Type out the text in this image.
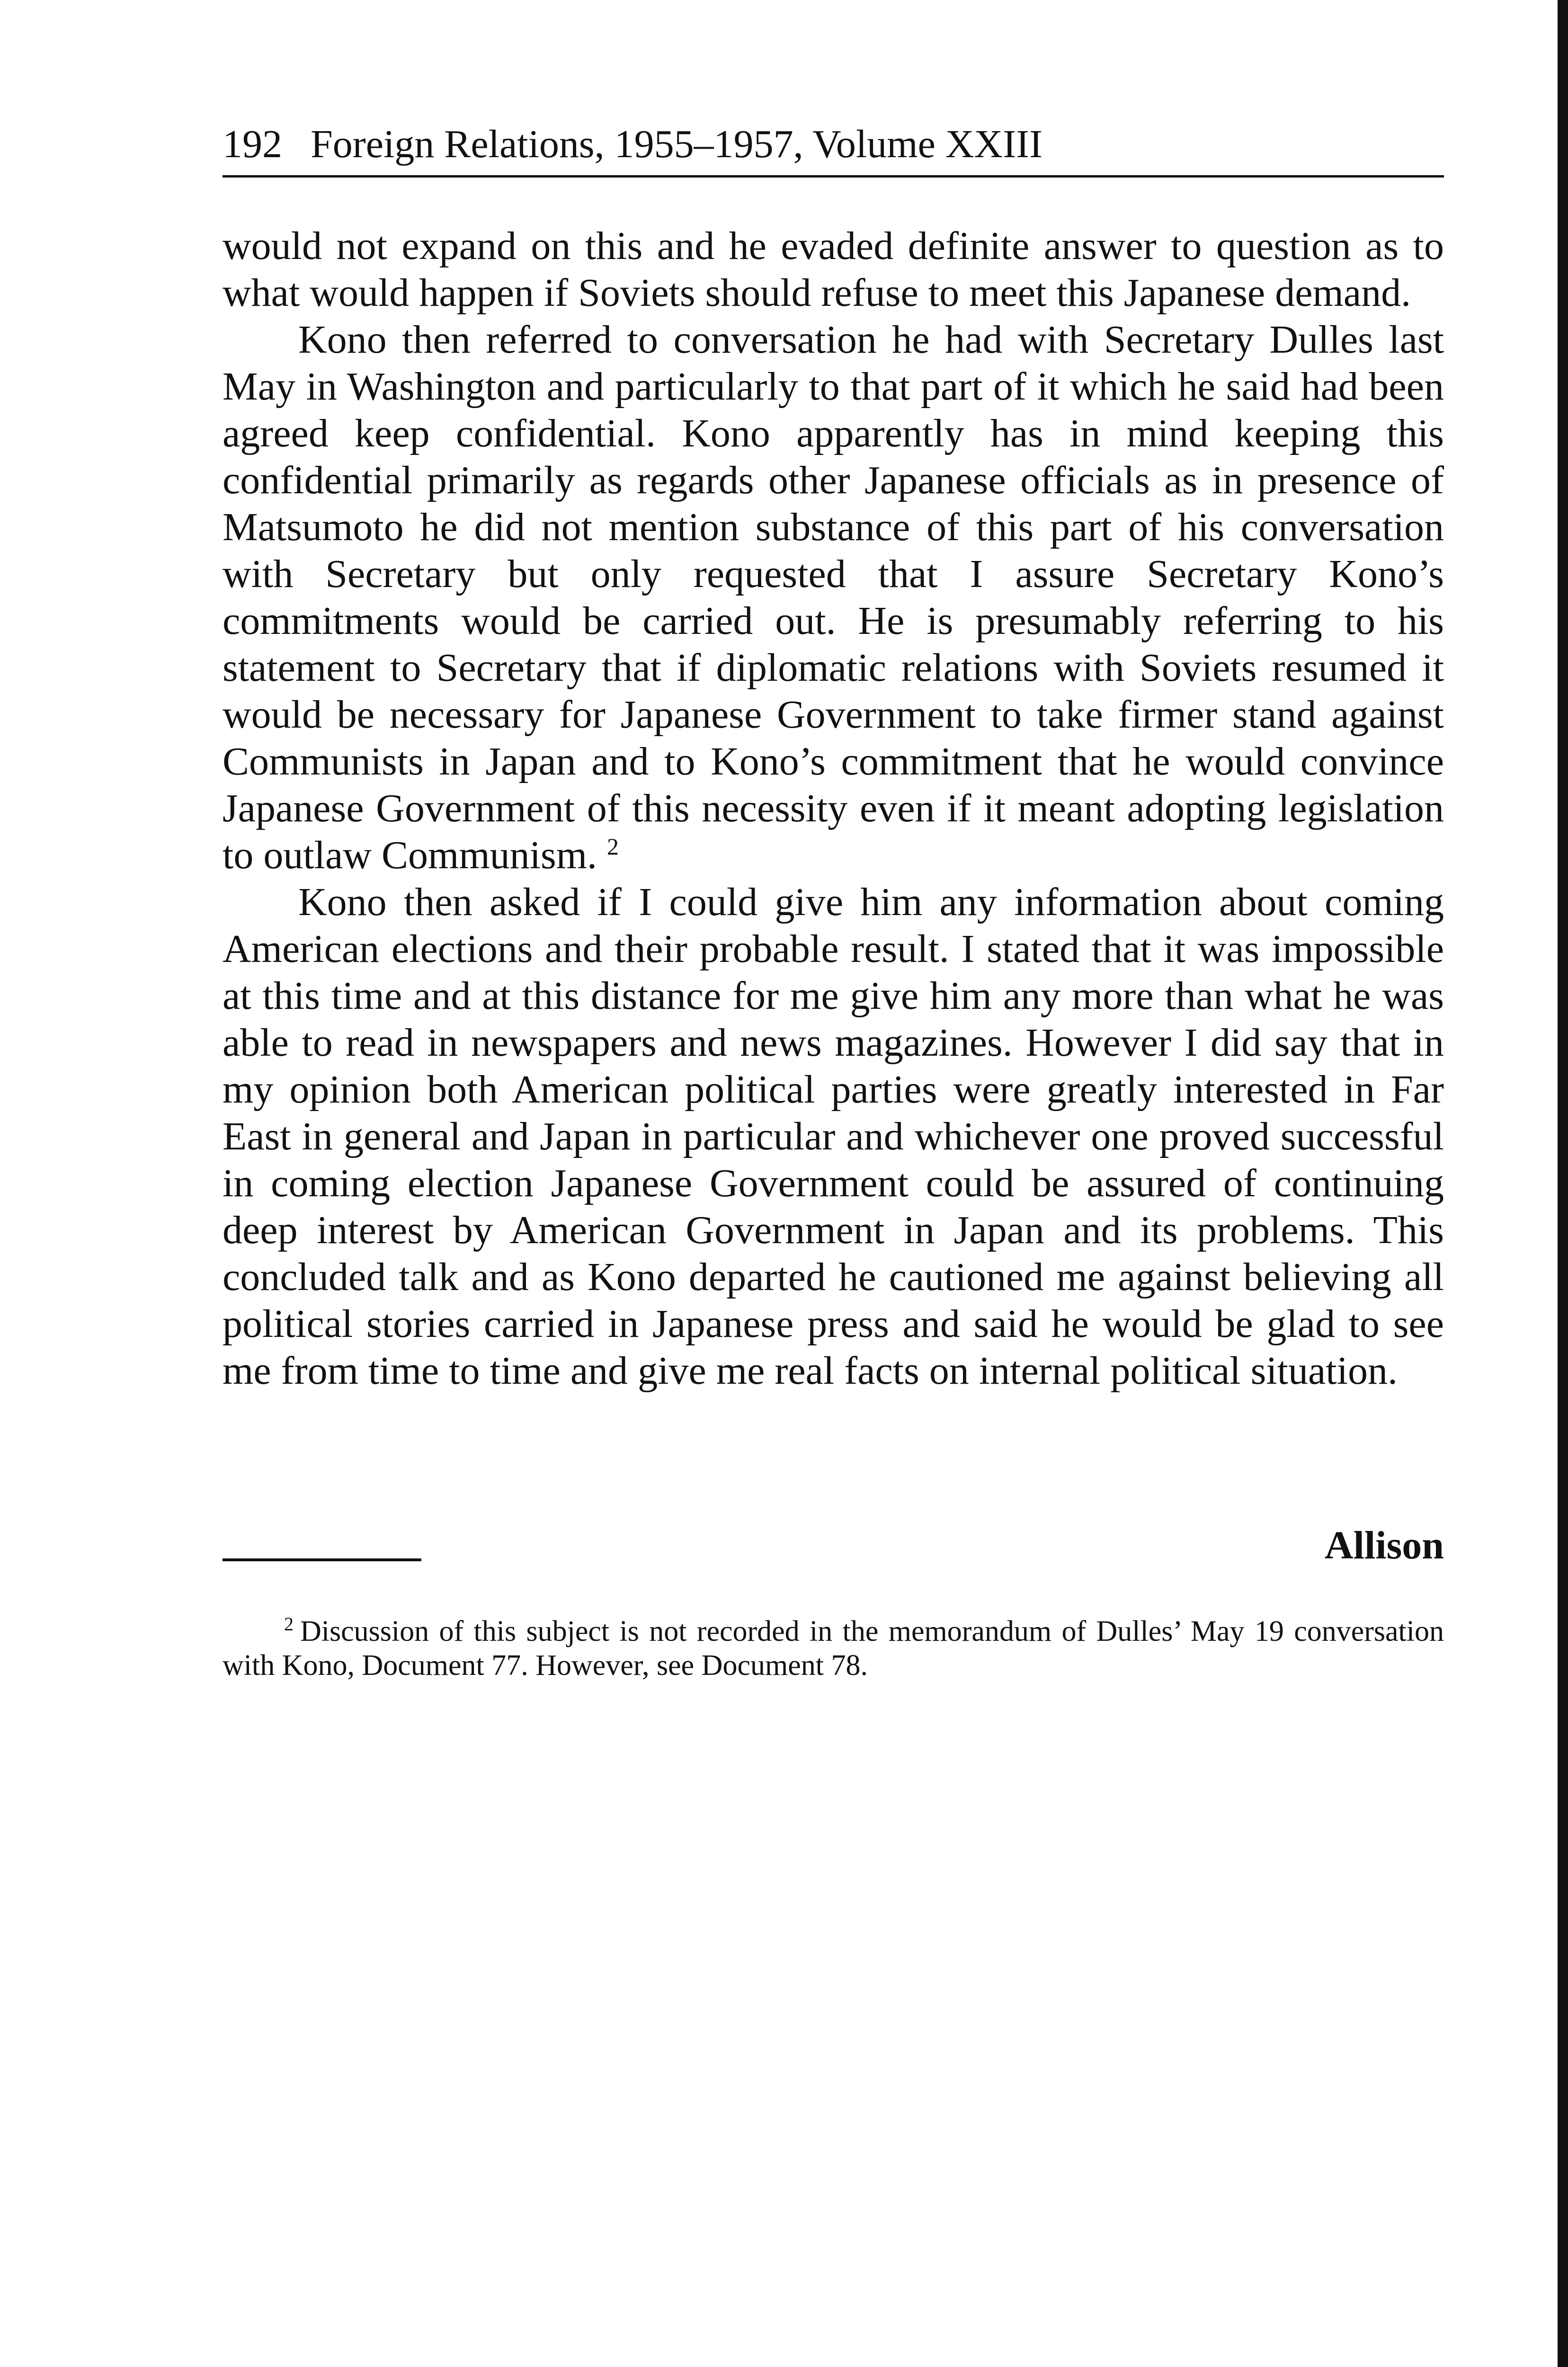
192 Foreign Relations, 1955–1957, Volume XXIII

would not expand on this and he evaded definite answer to question as to what would happen if Soviets should refuse to meet this Japanese demand.

Kono then referred to conversation he had with Secretary Dulles last May in Washington and particularly to that part of it which he said had been agreed keep confidential. Kono apparently has in mind keeping this confidential primarily as regards other Japanese officials as in presence of Matsumoto he did not mention substance of this part of his conversation with Secretary but only requested that I assure Secretary Kono’s commitments would be carried out. He is presumably referring to his statement to Secretary that if diplomatic relations with Soviets resumed it would be necessary for Japanese Government to take firmer stand against Communists in Japan and to Kono’s commitment that he would convince Japanese Government of this necessity even if it meant adopting legislation to outlaw Communism. $^2$

Kono then asked if I could give him any information about coming American elections and their probable result. I stated that it was impossible at this time and at this distance for me give him any more than what he was able to read in newspapers and news magazines. However I did say that in my opinion both American political parties were greatly interested in Far East in general and Japan in particular and whichever one proved successful in coming election Japanese Government could be assured of continuing deep interest by American Government in Japan and its problems. This concluded talk and as Kono departed he cautioned me against believing all political stories carried in Japanese press and said he would be glad to see me from time to time and give me real facts on internal political situation.

Allison
$^2$ Discussion of this subject is not recorded in the memorandum of Dulles’ May 19 conversation with Kono, Document 77. However, see Document 78.
